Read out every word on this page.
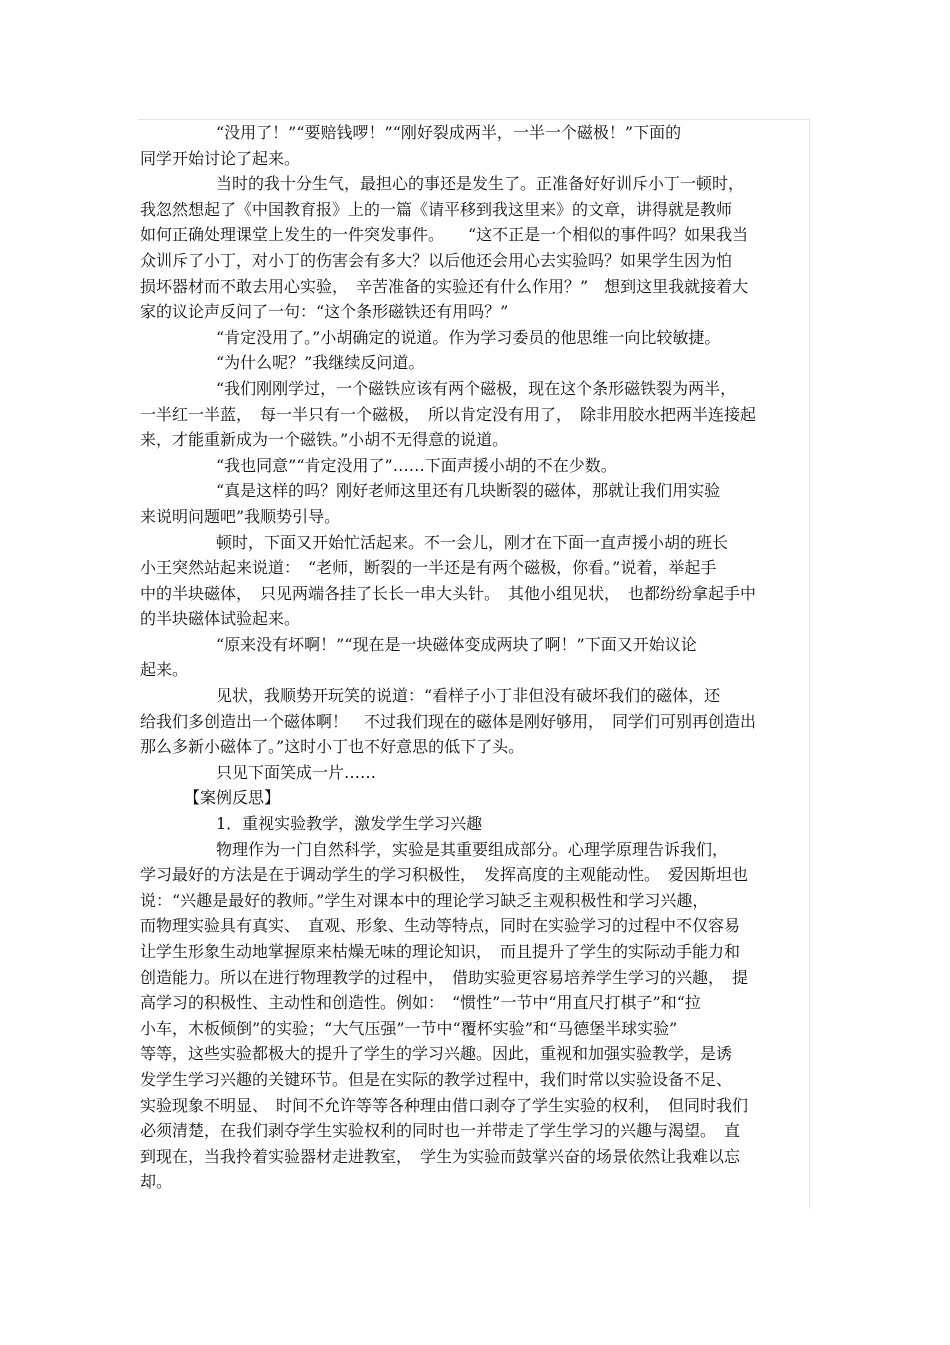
“没用了！”“要赔钱啰！”“刚好裂成两半，一半一个磁极！”下面的
同学开始讨论了起来。
当时的我十分生气，最担心的事还是发生了。正准备好好训斥小丁一顿时，
我忽然想起了《中国教育报》上的一篇《请平移到我这里来》的文章，讲得就是教师
如何正确处理课堂上发生的一件突发事件。　　“这不正是一个相似的事件吗？如果我当
众训斥了小丁，对小丁的伤害会有多大？以后他还会用心去实验吗？如果学生因为怕
损坏器材而不敢去用心实验，　辛苦准备的实验还有什么作用？”　想到这里我就接着大
家的议论声反问了一句：“这个条形磁铁还有用吗？”
“肯定没用了。”小胡确定的说道。作为学习委员的他思维一向比较敏捷。
“为什么呢？”我继续反问道。
“我们刚刚学过，一个磁铁应该有两个磁极，现在这个条形磁铁裂为两半，
一半红一半蓝，　每一半只有一个磁极，　所以肯定没有用了，　除非用胶水把两半连接起
来，才能重新成为一个磁铁。”小胡不无得意的说道。
“我也同意”“肯定没用了”……下面声援小胡的不在少数。
“真是这样的吗？刚好老师这里还有几块断裂的磁体，那就让我们用实验
来说明问题吧”我顺势引导。
顿时，下面又开始忙活起来。不一会儿，刚才在下面一直声援小胡的班长
小王突然站起来说道：　“老师，断裂的一半还是有两个磁极，你看。”说着，举起手
中的半块磁体，　只见两端各挂了长长一串大头针。　其他小组见状，　也都纷纷拿起手中
的半块磁体试验起来。
“原来没有坏啊！”“现在是一块磁体变成两块了啊！”下面又开始议论
起来。
见状，我顺势开玩笑的说道：“看样子小丁非但没有破坏我们的磁体，还
给我们多创造出一个磁体啊！　不过我们现在的磁体是刚好够用，　同学们可别再创造出
那么多新小磁体了。”这时小丁也不好意思的低下了头。
只见下面笑成一片……
【案例反思】
1．重视实验教学，激发学生学习兴趣
物理作为一门自然科学，实验是其重要组成部分。心理学原理告诉我们，
学习最好的方法是在于调动学生的学习积极性，　发挥高度的主观能动性。　爱因斯坦也
说：“兴趣是最好的教师。”学生对课本中的理论学习缺乏主观积极性和学习兴趣，
而物理实验具有真实、　直观、形象、生动等特点，同时在实验学习的过程中不仅容易
让学生形象生动地掌握原来枯燥无味的理论知识，　而且提升了学生的实际动手能力和
创造能力。所以在进行物理教学的过程中，　借助实验更容易培养学生学习的兴趣，　提
高学习的积极性、主动性和创造性。例如：　“惯性”一节中“用直尺打棋子”和“拉
小车，木板倾倒”的实验；“大气压强”一节中“覆杯实验”和“马德堡半球实验”
等等，这些实验都极大的提升了学生的学习兴趣。因此，重视和加强实验教学，是诱
发学生学习兴趣的关键环节。但是在实际的教学过程中，我们时常以实验设备不足、
实验现象不明显、　时间不允许等等各种理由借口剥夺了学生实验的权利，　但同时我们
必须清楚，在我们剥夺学生实验权利的同时也一并带走了学生学习的兴趣与渴望。　直
到现在，当我拎着实验器材走进教室，　学生为实验而鼓掌兴奋的场景依然让我难以忘
却。
